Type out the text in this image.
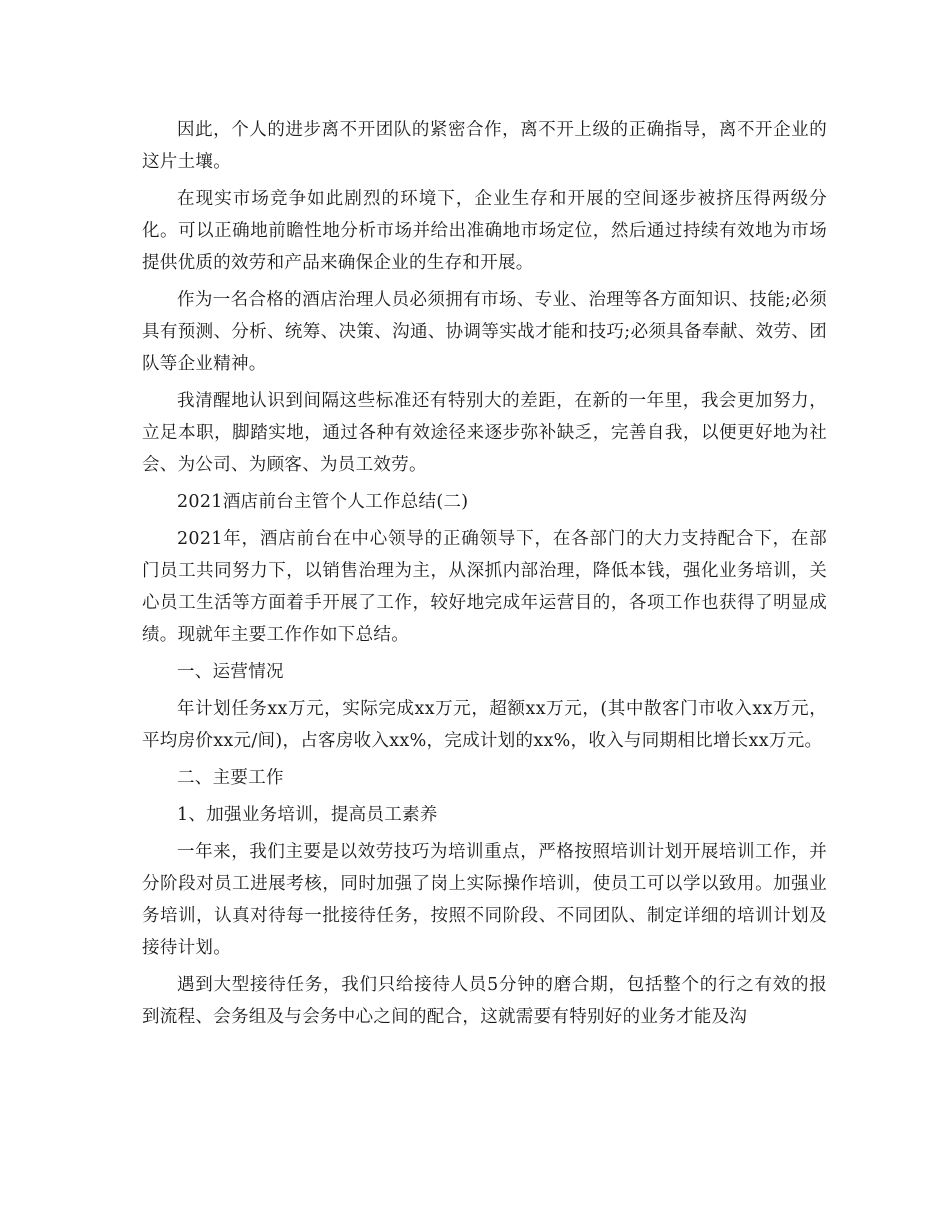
因此，个人的进步离不开团队的紧密合作，离不开上级的正确指导，离不开企业的这片土壤。

在现实市场竞争如此剧烈的环境下，企业生存和开展的空间逐步被挤压得两级分化。可以正确地前瞻性地分析市场并给出准确地市场定位，然后通过持续有效地为市场提供优质的效劳和产品来确保企业的生存和开展。

作为一名合格的酒店治理人员必须拥有市场、专业、治理等各方面知识、技能;必须具有预测、分析、统筹、决策、沟通、协调等实战才能和技巧;必须具备奉献、效劳、团队等企业精神。

我清醒地认识到间隔这些标准还有特别大的差距，在新的一年里，我会更加努力，立足本职，脚踏实地，通过各种有效途径来逐步弥补缺乏，完善自我，以便更好地为社会、为公司、为顾客、为员工效劳。

2021酒店前台主管个人工作总结(二)

2021年，酒店前台在中心领导的正确领导下，在各部门的大力支持配合下，在部门员工共同努力下，以销售治理为主，从深抓内部治理，降低本钱，强化业务培训，关心员工生活等方面着手开展了工作，较好地完成年运营目的，各项工作也获得了明显成绩。现就年主要工作作如下总结。

一、运营情况

年计划任务xx万元，实际完成xx万元，超额xx万元，(其中散客门市收入xx万元，平均房价xx元/间)，占客房收入xx%，完成计划的xx%，收入与同期相比增长xx万元。

二、主要工作

1、加强业务培训，提高员工素养

一年来，我们主要是以效劳技巧为培训重点，严格按照培训计划开展培训工作，并分阶段对员工进展考核，同时加强了岗上实际操作培训，使员工可以学以致用。加强业务培训，认真对待每一批接待任务，按照不同阶段、不同团队、制定详细的培训计划及接待计划。

遇到大型接待任务，我们只给接待人员5分钟的磨合期，包括整个的行之有效的报到流程、会务组及与会务中心之间的配合，这就需要有特别好的业务才能及沟
